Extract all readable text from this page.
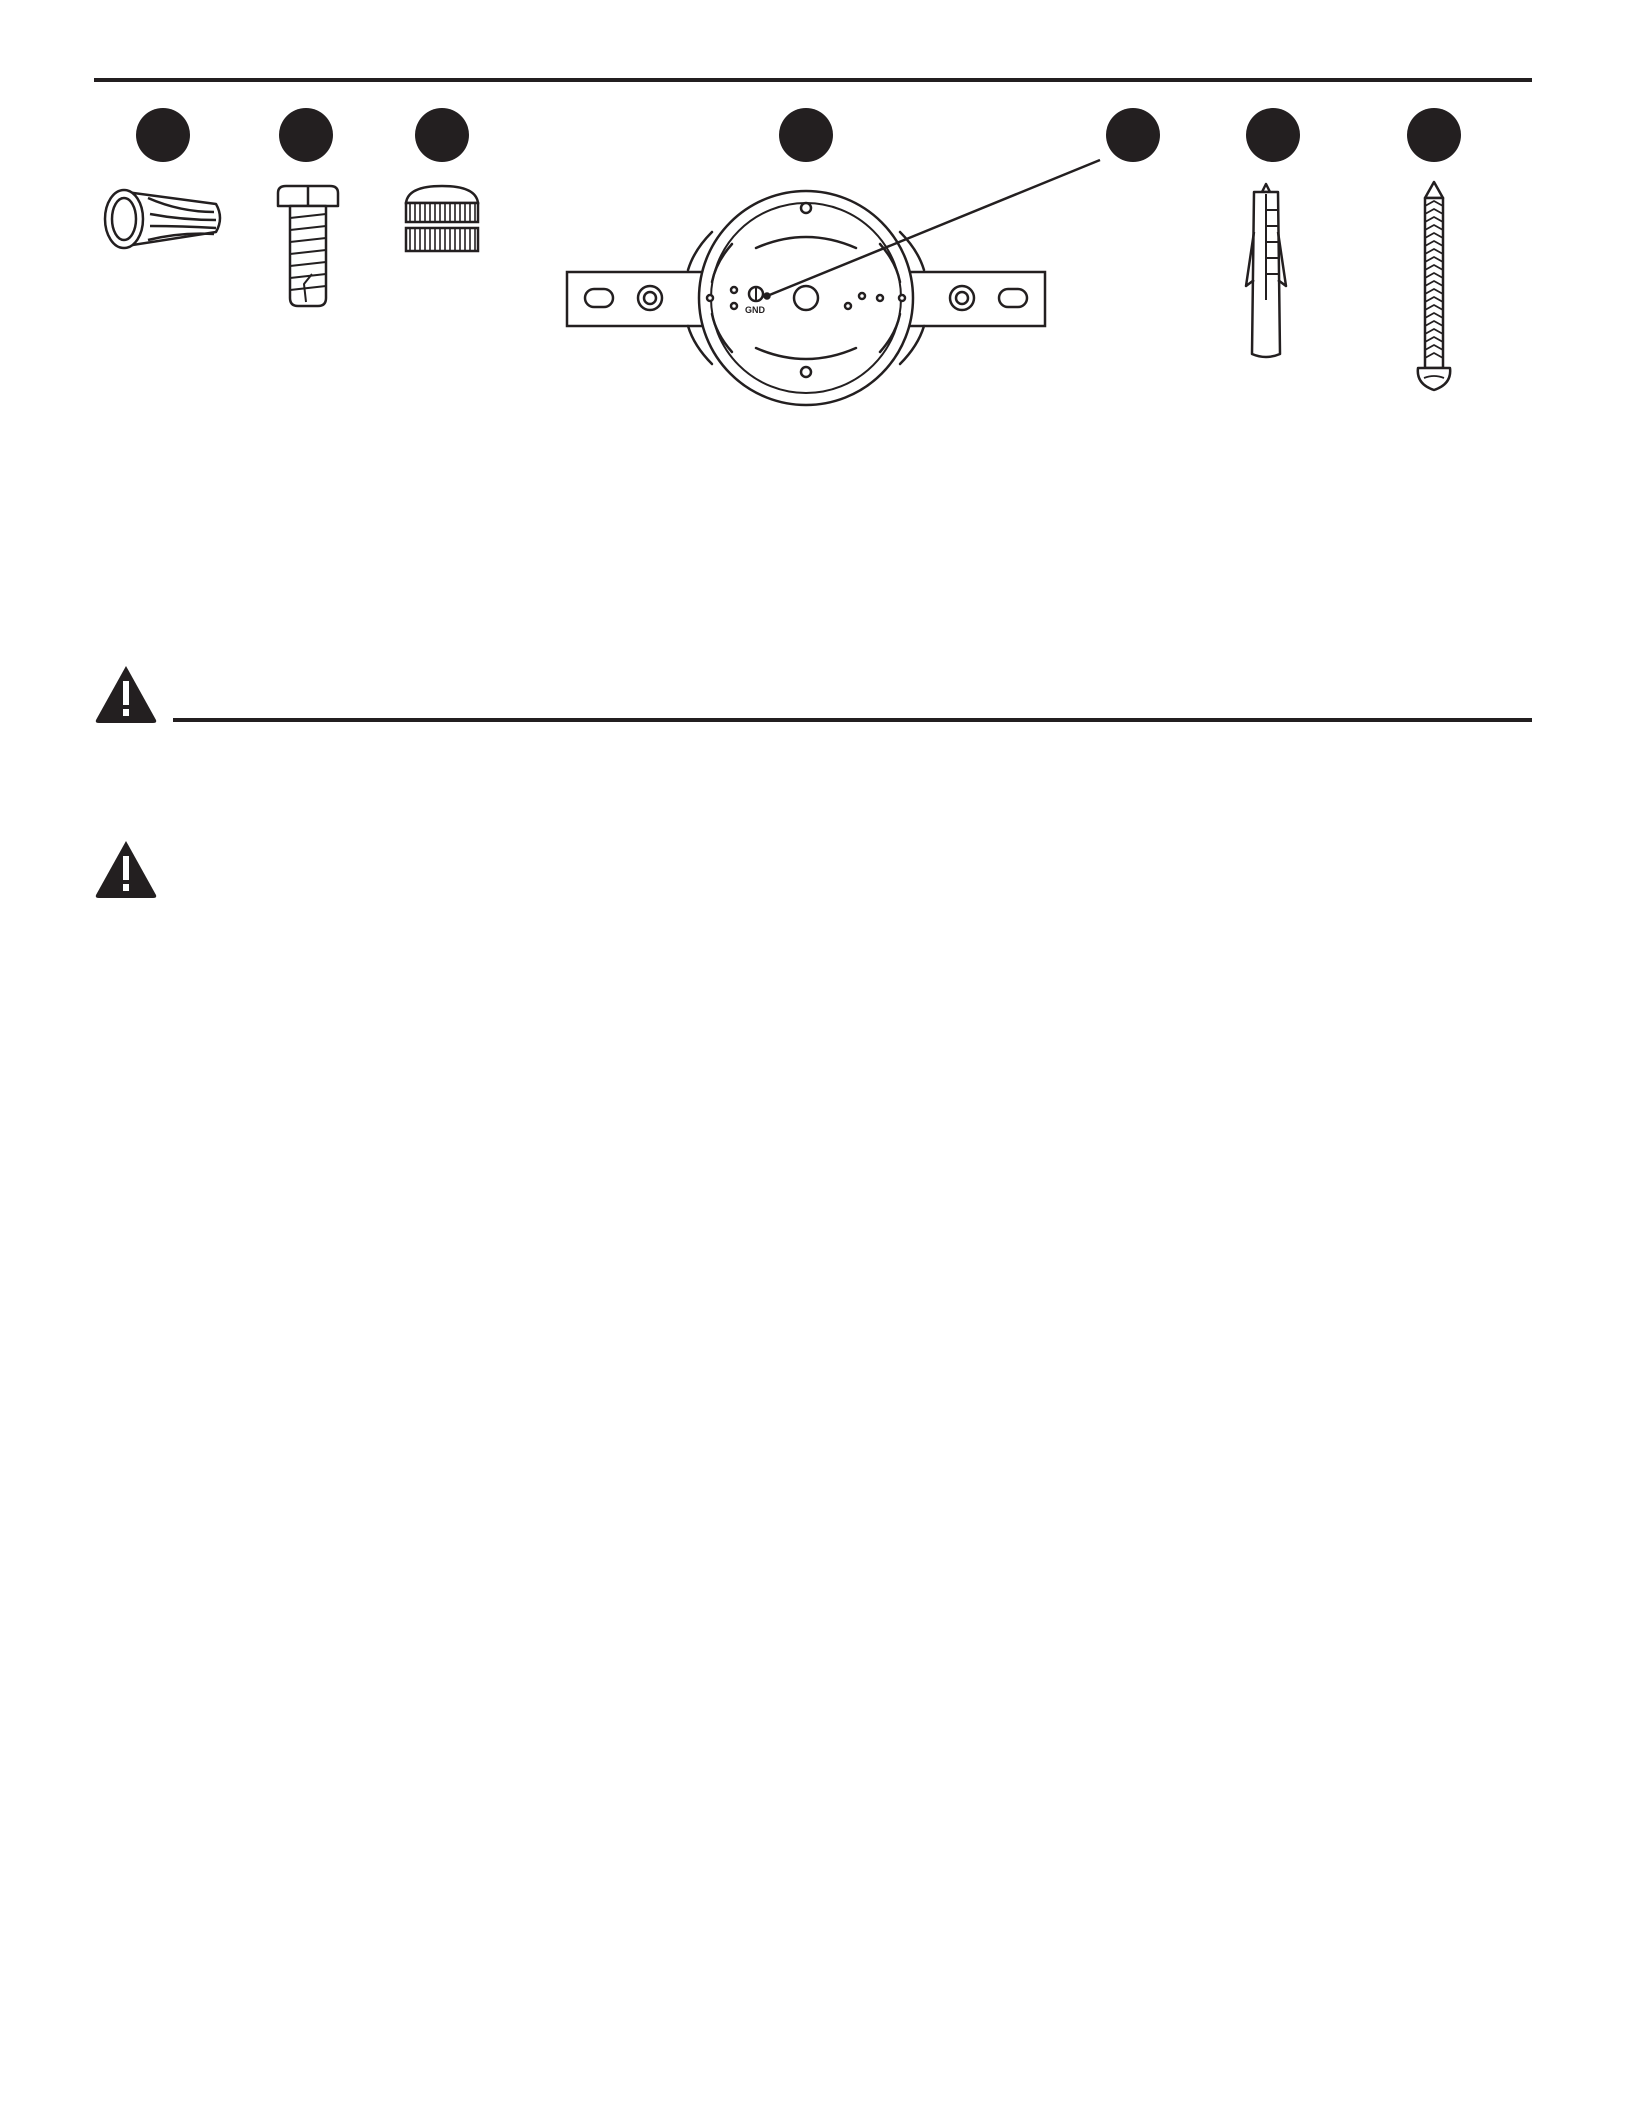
GND
